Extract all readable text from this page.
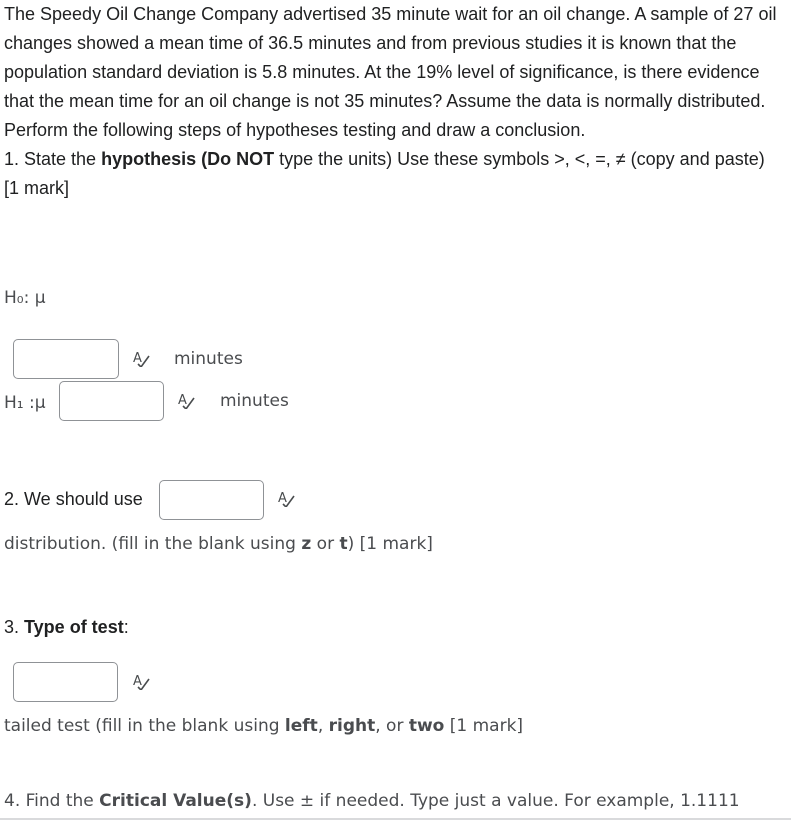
The Speedy Oil Change Company advertised 35 minute wait for an oil change. A sample of 27 oil changes showed a mean time of 36.5 minutes and from previous studies it is known that the population standard deviation is 5.8 minutes. At the 19% level of significance, is there evidence that the mean time for an oil change is not 35 minutes? Assume the data is normally distributed. Perform the following steps of hypotheses testing and draw a conclusion.
1. State the hypothesis (Do NOT type the units) Use these symbols >, <, =, ≠ (copy and paste) [1 mark]

H₀: μ
A minutes
H₁ :μ	A minutes
2. We should use	A
distribution. (fill in the blank using z or t) [1 mark]
3. Type of test:
A
tailed test (fill in the blank using left, right, or two [1 mark]
4. Find the Critical Value(s). Use ± if needed. Type just a value. For example, 1.1111
